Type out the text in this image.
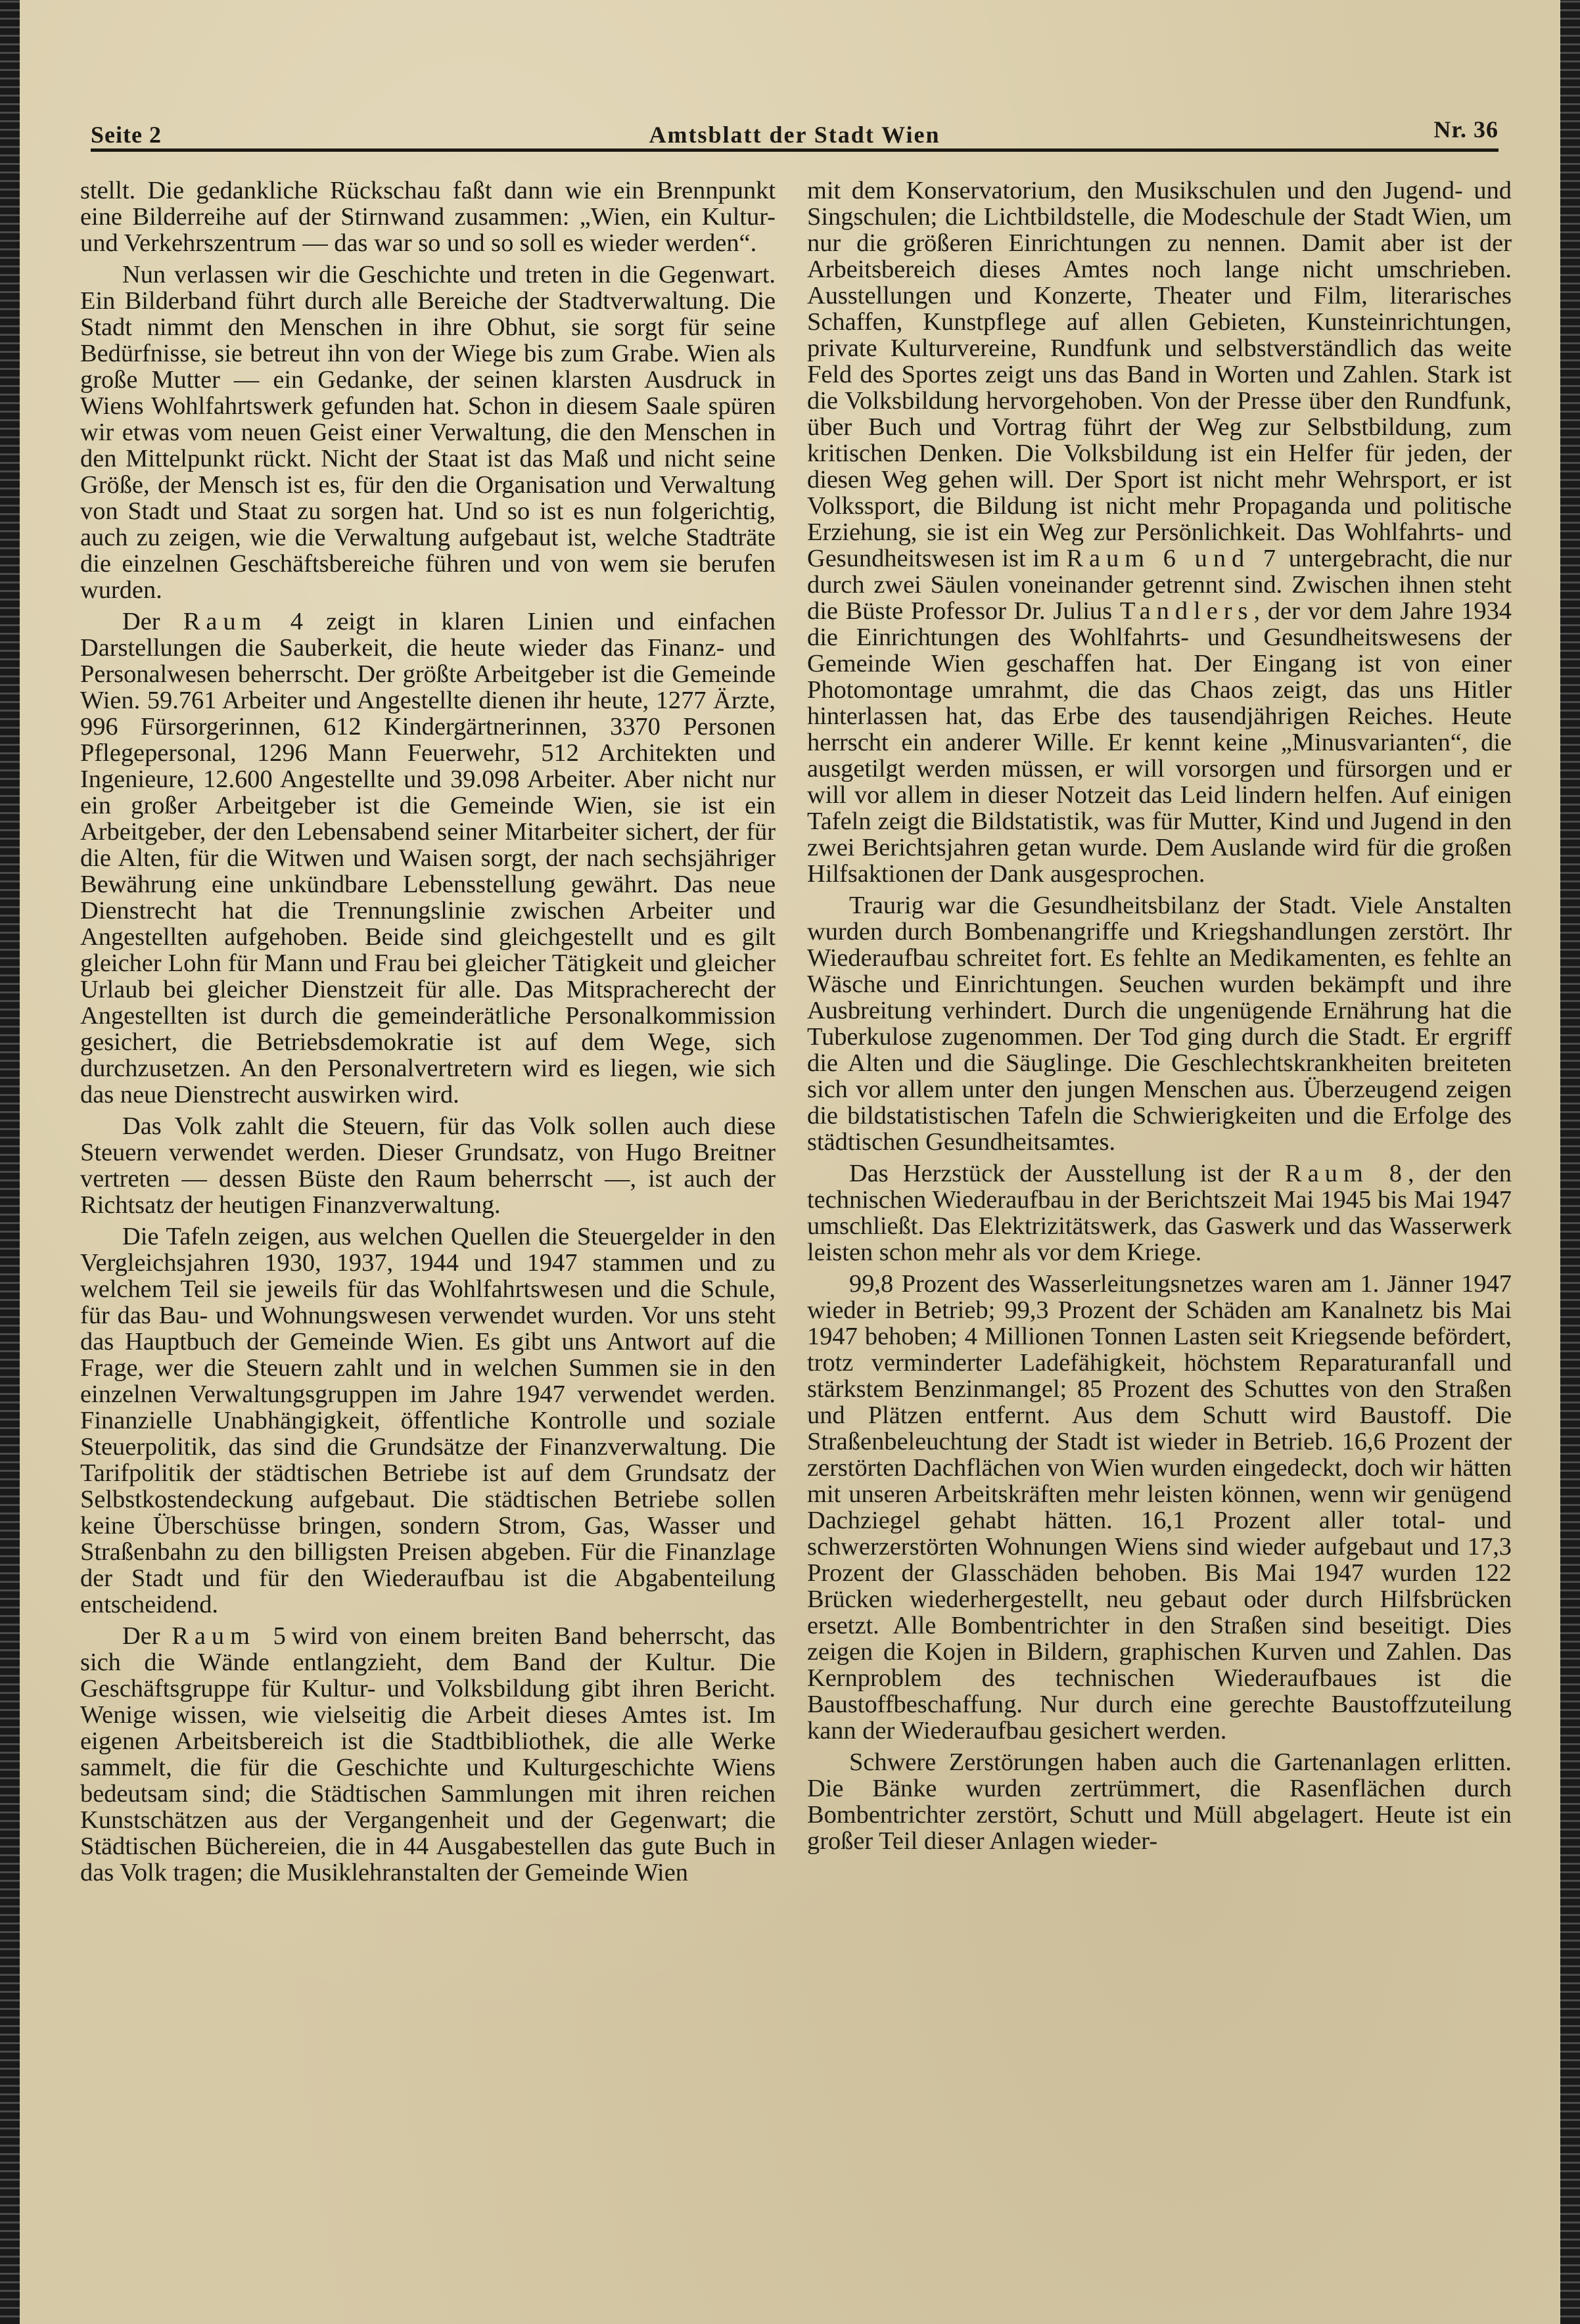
Seite 2	Amtsblatt der Stadt Wien	Nr. 36

stellt. Die gedankliche Rückschau faßt dann wie ein Brennpunkt eine Bilderreihe auf der Stirnwand zusammen: „Wien, ein Kultur- und Verkehrszentrum — das war so und so soll es wieder werden“.

Nun verlassen wir die Geschichte und treten in die Gegenwart. Ein Bilderband führt durch alle Bereiche der Stadtverwaltung. Die Stadt nimmt den Menschen in ihre Obhut, sie sorgt für seine Bedürfnisse, sie betreut ihn von der Wiege bis zum Grabe. Wien als große Mutter — ein Gedanke, der seinen klarsten Ausdruck in Wiens Wohlfahrtswerk gefunden hat. Schon in diesem Saale spüren wir etwas vom neuen Geist einer Verwaltung, die den Menschen in den Mittelpunkt rückt. Nicht der Staat ist das Maß und nicht seine Größe, der Mensch ist es, für den die Organisation und Verwaltung von Stadt und Staat zu sorgen hat. Und so ist es nun folgerichtig, auch zu zeigen, wie die Verwaltung aufgebaut ist, welche Stadträte die einzelnen Geschäftsbereiche führen und von wem sie berufen wurden.

Der Raum 4 zeigt in klaren Linien und einfachen Darstellungen die Sauberkeit, die heute wieder das Finanz- und Personalwesen beherrscht. Der größte Arbeitgeber ist die Gemeinde Wien. 59.761 Arbeiter und Angestellte dienen ihr heute, 1277 Ärzte, 996 Fürsorgerinnen, 612 Kindergärtnerinnen, 3370 Personen Pflegepersonal, 1296 Mann Feuerwehr, 512 Architekten und Ingenieure, 12.600 Angestellte und 39.098 Arbeiter. Aber nicht nur ein großer Arbeitgeber ist die Gemeinde Wien, sie ist ein Arbeitgeber, der den Lebensabend seiner Mitarbeiter sichert, der für die Alten, für die Witwen und Waisen sorgt, der nach sechsjähriger Bewährung eine unkündbare Lebensstellung gewährt. Das neue Dienstrecht hat die Trennungslinie zwischen Arbeiter und Angestellten aufgehoben. Beide sind gleichgestellt und es gilt gleicher Lohn für Mann und Frau bei gleicher Tätigkeit und gleicher Urlaub bei gleicher Dienstzeit für alle. Das Mitspracherecht der Angestellten ist durch die gemeinderätliche Personalkommission gesichert, die Betriebsdemokratie ist auf dem Wege, sich durchzusetzen. An den Personalvertretern wird es liegen, wie sich das neue Dienstrecht auswirken wird.

Das Volk zahlt die Steuern, für das Volk sollen auch diese Steuern verwendet werden. Dieser Grundsatz, von Hugo Breitner vertreten — dessen Büste den Raum beherrscht —, ist auch der Richtsatz der heutigen Finanzverwaltung.

Die Tafeln zeigen, aus welchen Quellen die Steuergelder in den Vergleichsjahren 1930, 1937, 1944 und 1947 stammen und zu welchem Teil sie jeweils für das Wohlfahrtswesen und die Schule, für das Bau- und Wohnungswesen verwendet wurden. Vor uns steht das Hauptbuch der Gemeinde Wien. Es gibt uns Antwort auf die Frage, wer die Steuern zahlt und in welchen Summen sie in den einzelnen Verwaltungsgruppen im Jahre 1947 verwendet werden. Finanzielle Unabhängigkeit, öffentliche Kontrolle und soziale Steuerpolitik, das sind die Grundsätze der Finanzverwaltung. Die Tarifpolitik der städtischen Betriebe ist auf dem Grundsatz der Selbstkostendeckung aufgebaut. Die städtischen Betriebe sollen keine Überschüsse bringen, sondern Strom, Gas, Wasser und Straßenbahn zu den billigsten Preisen abgeben. Für die Finanzlage der Stadt und für den Wiederaufbau ist die Abgabenteilung entscheidend.

Der Raum 5wird von einem breiten Band beherrscht, das sich die Wände entlangzieht, dem Band der Kultur. Die Geschäftsgruppe für Kultur- und Volksbildung gibt ihren Bericht. Wenige wissen, wie vielseitig die Arbeit dieses Amtes ist. Im eigenen Arbeitsbereich ist die Stadtbibliothek, die alle Werke sammelt, die für die Geschichte und Kulturgeschichte Wiens bedeutsam sind; die Städtischen Sammlungen mit ihren reichen Kunstschätzen aus der Vergangenheit und der Gegenwart; die Städtischen Büchereien, die in 44 Ausgabestellen das gute Buch in das Volk tragen; die Musiklehranstalten der Gemeinde Wien

mit dem Konservatorium, den Musikschulen und den Jugend- und Singschulen; die Lichtbildstelle, die Modeschule der Stadt Wien, um nur die größeren Einrichtungen zu nennen. Damit aber ist der Arbeitsbereich dieses Amtes noch lange nicht umschrieben. Ausstellungen und Konzerte, Theater und Film, literarisches Schaffen, Kunstpflege auf allen Gebieten, Kunsteinrichtungen, private Kulturvereine, Rundfunk und selbstverständlich das weite Feld des Sportes zeigt uns das Band in Worten und Zahlen. Stark ist die Volksbildung hervorgehoben. Von der Presse über den Rundfunk, über Buch und Vortrag führt der Weg zur Selbstbildung, zum kritischen Denken. Die Volksbildung ist ein Helfer für jeden, der diesen Weg gehen will. Der Sport ist nicht mehr Wehrsport, er ist Volkssport, die Bildung ist nicht mehr Propaganda und politische Erziehung, sie ist ein Weg zur Persönlichkeit. Das Wohlfahrts- und Gesundheitswesen ist im Raum 6 und 7 untergebracht, die nur durch zwei Säulen voneinander getrennt sind. Zwischen ihnen steht die Büste Professor Dr. Julius Tandlers, der vor dem Jahre 1934 die Einrichtungen des Wohlfahrts- und Gesundheitswesens der Gemeinde Wien geschaffen hat. Der Eingang ist von einer Photomontage umrahmt, die das Chaos zeigt, das uns Hitler hinterlassen hat, das Erbe des tausendjährigen Reiches. Heute herrscht ein anderer Wille. Er kennt keine „Minusvarianten“, die ausgetilgt werden müssen, er will vorsorgen und fürsorgen und er will vor allem in dieser Notzeit das Leid lindern helfen. Auf einigen Tafeln zeigt die Bildstatistik, was für Mutter, Kind und Jugend in den zwei Berichtsjahren getan wurde. Dem Auslande wird für die großen Hilfsaktionen der Dank ausgesprochen.

Traurig war die Gesundheitsbilanz der Stadt. Viele Anstalten wurden durch Bombenangriffe und Kriegshandlungen zerstört. Ihr Wiederaufbau schreitet fort. Es fehlte an Medikamenten, es fehlte an Wäsche und Einrichtungen. Seuchen wurden bekämpft und ihre Ausbreitung verhindert. Durch die ungenügende Ernährung hat die Tuberkulose zugenommen. Der Tod ging durch die Stadt. Er ergriff die Alten und die Säuglinge. Die Geschlechtskrankheiten breiteten sich vor allem unter den jungen Menschen aus. Überzeugend zeigen die bildstatistischen Tafeln die Schwierigkeiten und die Erfolge des städtischen Gesundheitsamtes.

Das Herzstück der Ausstellung ist der Raum 8, der den technischen Wiederaufbau in der Berichtszeit Mai 1945 bis Mai 1947 umschließt. Das Elektrizitätswerk, das Gaswerk und das Wasserwerk leisten schon mehr als vor dem Kriege.

99,8 Prozent des Wasserleitungsnetzes waren am 1. Jänner 1947 wieder in Betrieb; 99,3 Prozent der Schäden am Kanalnetz bis Mai 1947 behoben; 4 Millionen Tonnen Lasten seit Kriegsende befördert, trotz verminderter Ladefähigkeit, höchstem Reparaturanfall und stärkstem Benzinmangel; 85 Prozent des Schuttes von den Straßen und Plätzen entfernt. Aus dem Schutt wird Baustoff. Die Straßenbeleuchtung der Stadt ist wieder in Betrieb. 16,6 Prozent der zerstörten Dachflächen von Wien wurden eingedeckt, doch wir hätten mit unseren Arbeitskräften mehr leisten können, wenn wir genügend Dachziegel gehabt hätten. 16,1 Prozent aller total- und schwerzerstörten Wohnungen Wiens sind wieder aufgebaut und 17,3 Prozent der Glasschäden behoben. Bis Mai 1947 wurden 122 Brücken wiederhergestellt, neu gebaut oder durch Hilfsbrücken ersetzt. Alle Bombentrichter in den Straßen sind beseitigt. Dies zeigen die Kojen in Bildern, graphischen Kurven und Zahlen. Das Kernproblem des technischen Wiederaufbaues ist die Baustoffbeschaffung. Nur durch eine gerechte Baustoffzuteilung kann der Wiederaufbau gesichert werden.

Schwere Zerstörungen haben auch die Gartenanlagen erlitten. Die Bänke wurden zertrümmert, die Rasenflächen durch Bombentrichter zerstört, Schutt und Müll abgelagert. Heute ist ein großer Teil dieser Anlagen wieder-
